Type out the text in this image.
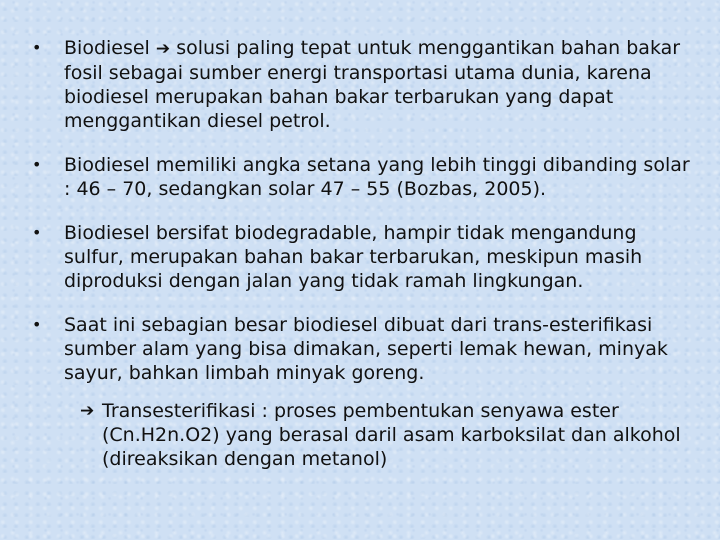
• Biodiesel ➔ solusi paling tepat untuk menggantikan bahan bakar fosil sebagai sumber energi transportasi utama dunia, karena biodiesel merupakan bahan bakar terbarukan yang dapat menggantikan diesel petrol.
• Biodiesel memiliki angka setana yang lebih tinggi dibanding solar : 46 – 70, sedangkan solar 47 – 55 (Bozbas, 2005).
• Biodiesel bersifat biodegradable, hampir tidak mengandung sulfur, merupakan bahan bakar terbarukan, meskipun masih diproduksi dengan jalan yang tidak ramah lingkungan.
• Saat ini sebagian besar biodiesel dibuat dari trans-esterifikasi sumber alam yang bisa dimakan, seperti lemak hewan, minyak sayur, bahkan limbah minyak goreng.
➔ Transesterifikasi : proses pembentukan senyawa ester (Cn.H2n.O2) yang berasal daril asam karboksilat dan alkohol (direaksikan dengan metanol)
